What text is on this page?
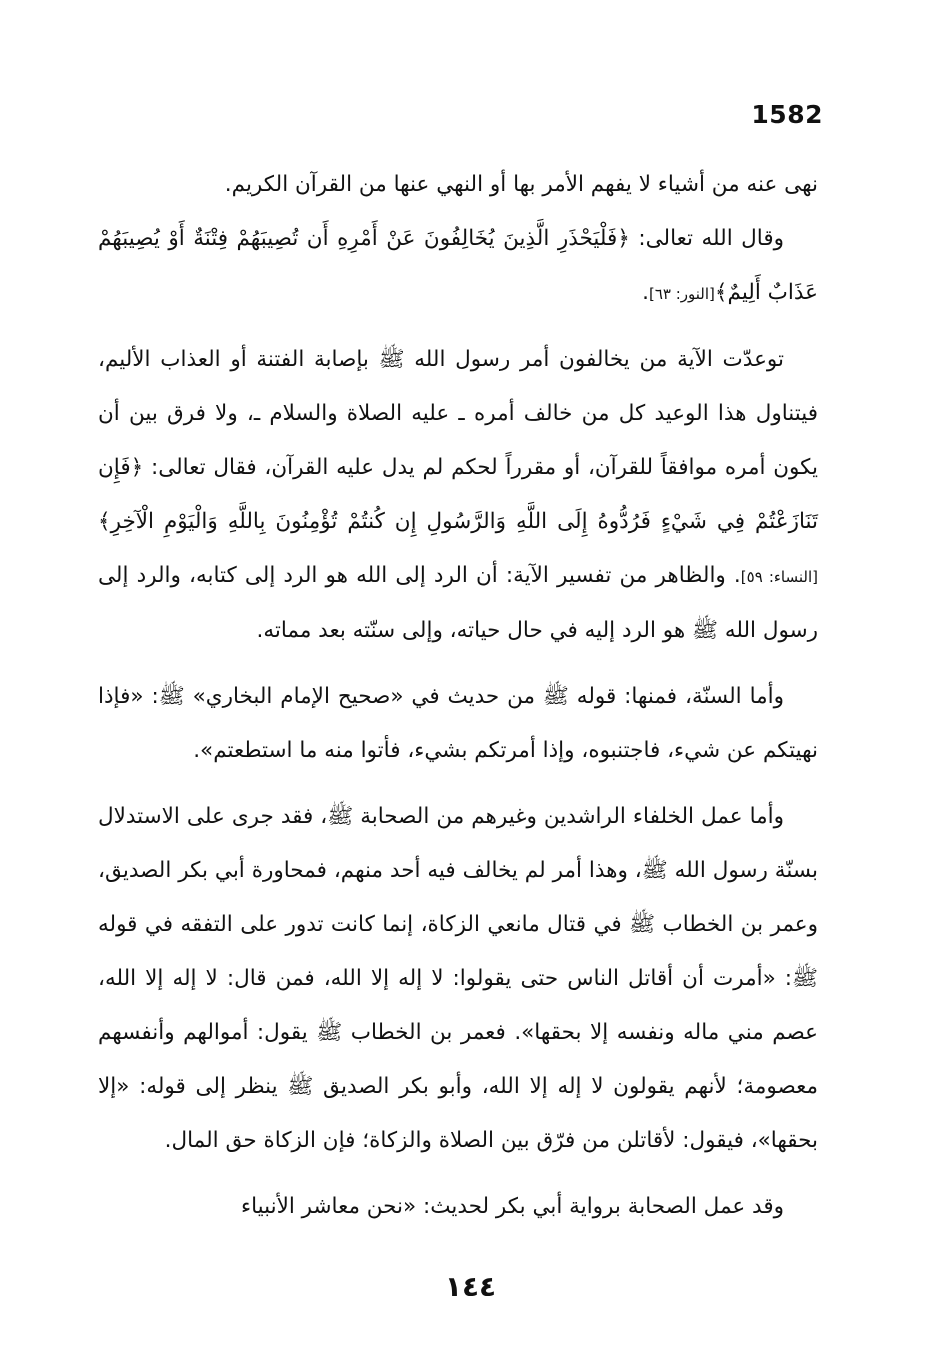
1582

نهى عنه من أشياء لا يفهم الأمر بها أو النهي عنها من القرآن الكريم.

وقال الله تعالى: ﴿فَلْيَحْذَرِ الَّذِينَ يُخَالِفُونَ عَنْ أَمْرِهِ أَن تُصِيبَهُمْ فِتْنَةٌ أَوْ يُصِيبَهُمْ عَذَابٌ أَلِيمٌ﴾[النور: ٦٣].

توعدّت الآية من يخالفون أمر رسول الله ﷺ بإصابة الفتنة أو العذاب الأليم، فيتناول هذا الوعيد كل من خالف أمره ـ عليه الصلاة والسلام ـ، ولا فرق بين أن يكون أمره موافقاً للقرآن، أو مقرراً لحكم لم يدل عليه القرآن، فقال تعالى: ﴿فَإِن تَنَازَعْتُمْ فِي شَيْءٍ فَرُدُّوهُ إِلَى اللَّهِ وَالرَّسُولِ إِن كُنتُمْ تُؤْمِنُونَ بِاللَّهِ وَالْيَوْمِ الْآخِرِ﴾[النساء: ٥٩]. والظاهر من تفسير الآية: أن الرد إلى الله هو الرد إلى كتابه، والرد إلى رسول الله ﷺ هو الرد إليه في حال حياته، وإلى سنّته بعد مماته.

وأما السنّة، فمنها: قوله ﷺ من حديث في «صحيح الإمام البخاري» ﷺ: «فإذا نهيتكم عن شيء، فاجتنبوه، وإذا أمرتكم بشيء، فأتوا منه ما استطعتم».

وأما عمل الخلفاء الراشدين وغيرهم من الصحابة ﷺ، فقد جرى على الاستدلال بسنّة رسول الله ﷺ، وهذا أمر لم يخالف فيه أحد منهم، فمحاورة أبي بكر الصديق، وعمر بن الخطاب ﷺ في قتال مانعي الزكاة، إنما كانت تدور على التفقه في قوله ﷺ: «أمرت أن أقاتل الناس حتى يقولوا: لا إله إلا الله، فمن قال: لا إله إلا الله، عصم مني ماله ونفسه إلا بحقها». فعمر بن الخطاب ﷺ يقول: أموالهم وأنفسهم معصومة؛ لأنهم يقولون لا إله إلا الله، وأبو بكر الصديق ﷺ ينظر إلى قوله: «إلا بحقها»، فيقول: لأقاتلن من فرّق بين الصلاة والزكاة؛ فإن الزكاة حق المال.

وقد عمل الصحابة برواية أبي بكر لحديث: «نحن معاشر الأنبياء

١٤٤
